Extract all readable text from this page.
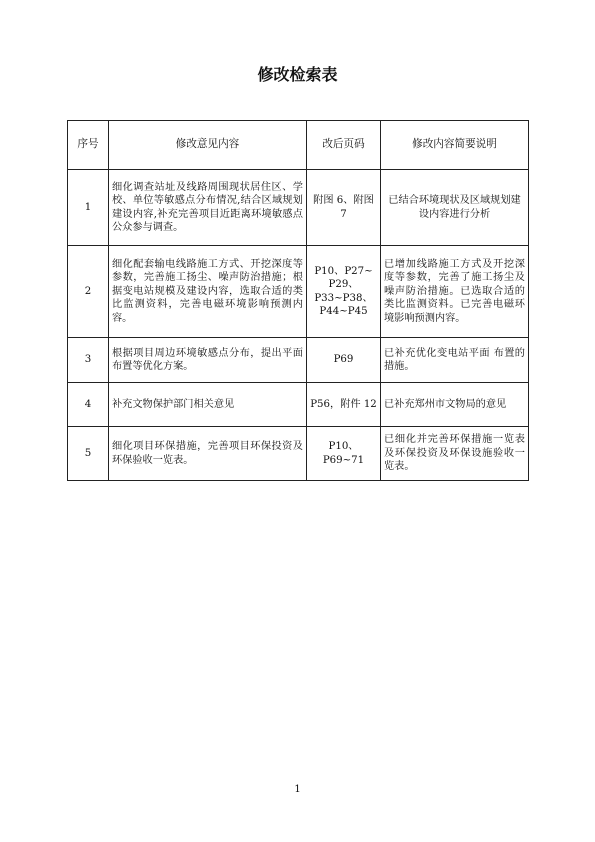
修改检索表
序号	修改意见内容	改后页码	修改内容简要说明
1	细化调查站址及线路周围现状居住区、学校、单位等敏感点分布情况,结合区域规划建设内容,补充完善项目近距离环境敏感点公众参与调查。	附图 6、附图 7	已结合环境现状及区域规划建设内容进行分析
2	细化配套输电线路施工方式、开挖深度等参数，完善施工扬尘、噪声防治措施；根据变电站规模及建设内容，选取合适的类比监测资料，完善电磁环境影响预测内容。	P10、P27~ P29、P33~P38、P44~P45	已增加线路施工方式及开挖深度等参数，完善了施工扬尘及噪声防治措施。已选取合适的类比监测资料。已完善电磁环境影响预测内容。
3	根据项目周边环境敏感点分布，提出平面布置等优化方案。	P69	已补充优化变电站平面 布置的措施。
4	补充文物保护部门相关意见	P56，附件 12	已补充郑州市文物局的意见
5	细化项目环保措施，完善项目环保投资及环保验收一览表。	P10、P69~71	已细化并完善环保措施一览表及环保投资及环保设施验收一览表。
1
